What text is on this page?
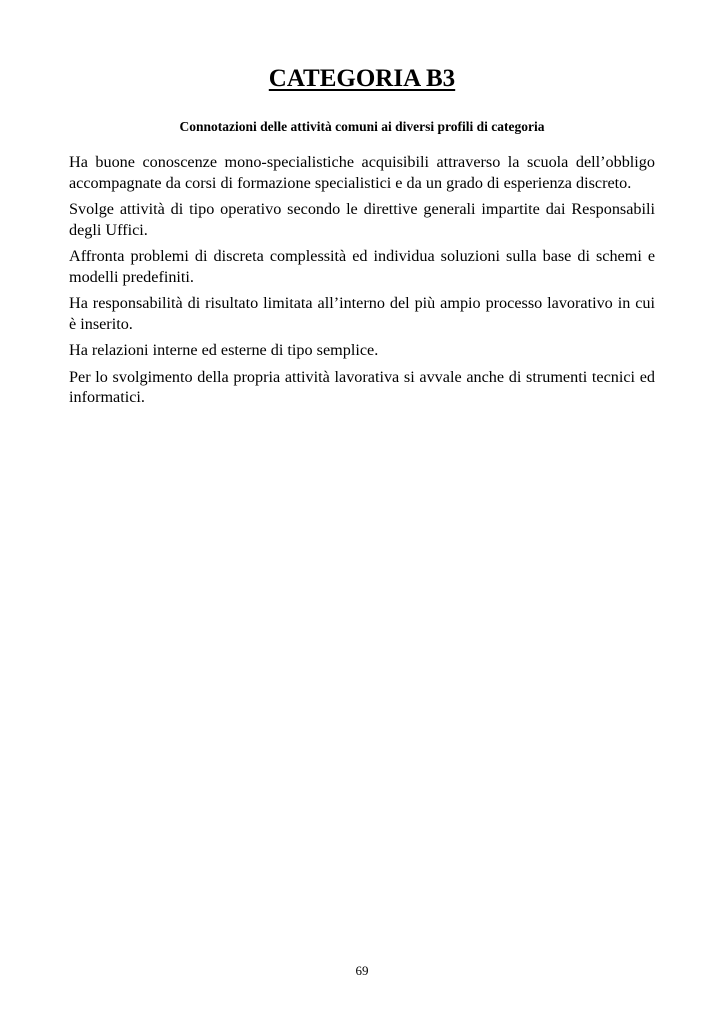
CATEGORIA B3

Connotazioni delle attività comuni ai diversi profili di categoria

Ha buone conoscenze mono-specialistiche acquisibili attraverso la scuola dell’obbligo accompagnate da corsi di formazione specialistici e da un grado di esperienza discreto.

Svolge attività di tipo operativo secondo le direttive generali impartite dai Responsabili degli Uffici.

Affronta problemi di discreta complessità ed individua soluzioni sulla base di schemi e modelli predefiniti.

Ha responsabilità di risultato limitata all’interno del più ampio processo lavorativo in cui è inserito.

Ha relazioni interne ed esterne di tipo semplice.

Per lo svolgimento della propria attività lavorativa si avvale anche di strumenti tecnici ed informatici.

69
